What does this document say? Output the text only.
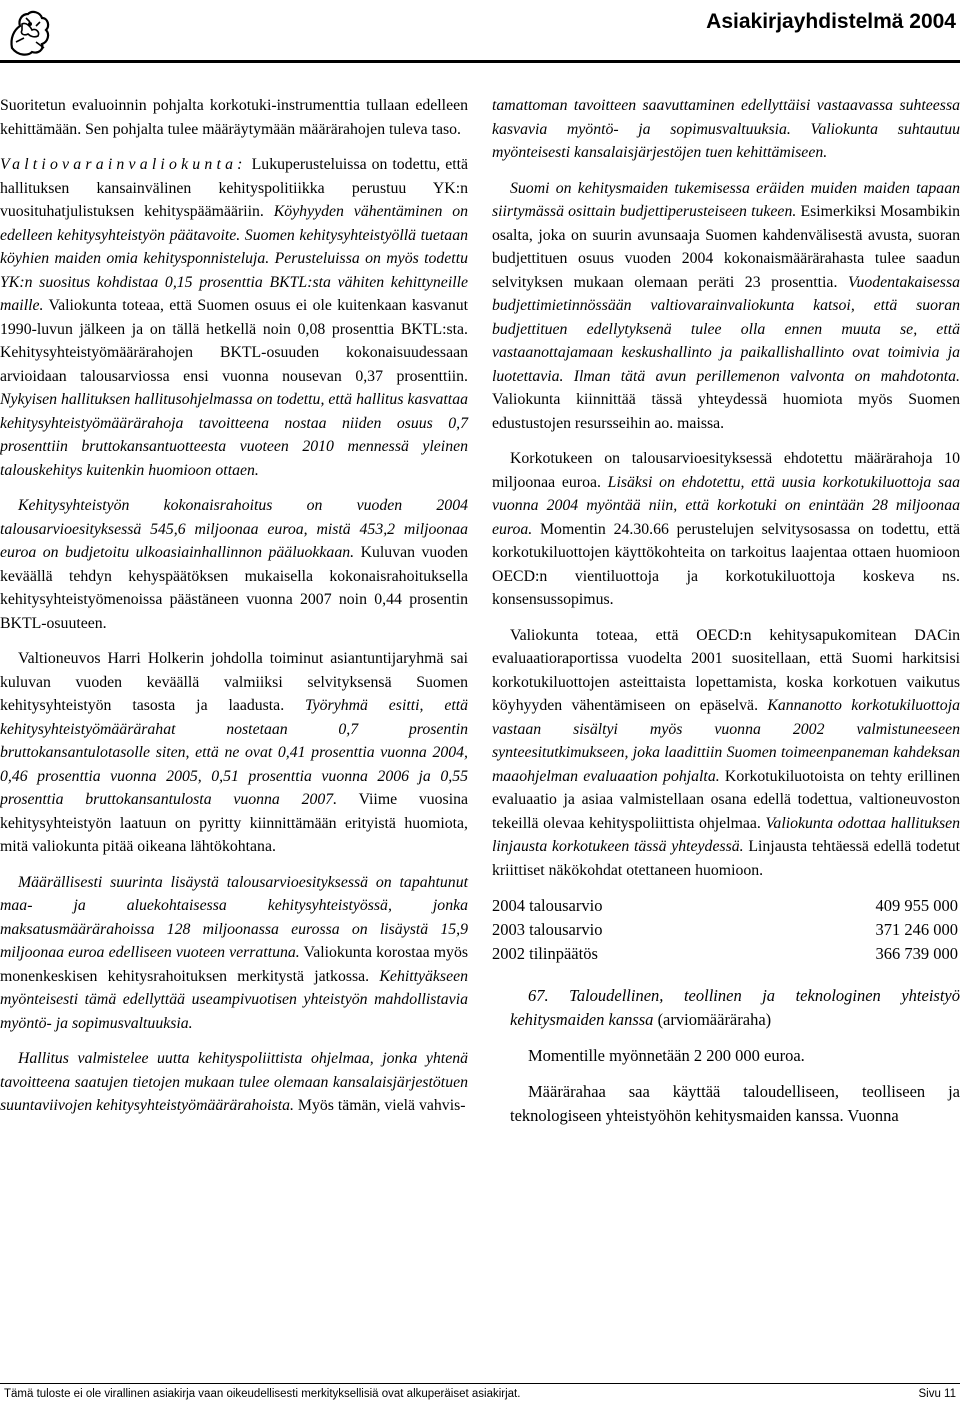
Asiakirjayhdistelmä 2004

Suoritetun evaluoinnin pohjalta korkotuki-instrumenttia tullaan edelleen kehittämään. Sen pohjalta tulee määräytymään määrärahojen tuleva taso.

Valtiovarainvaliokunta: Lukuperusteluissa on todettu, että hallituksen kansainvälinen kehityspolitiikka perustuu YK:n vuosituhatjulistuksen kehityspäämääriin. Köyhyyden vähentäminen on edelleen kehitysyhteistyön päätavoite. Suomen kehitysyhteistyöllä tuetaan köyhien maiden omia kehitysponnisteluja. Perusteluissa on myös todettu YK:n suositus kohdistaa 0,15 prosenttia BKTL:sta vähiten kehittyneille maille. Valiokunta toteaa, että Suomen osuus ei ole kuitenkaan kasvanut 1990-luvun jälkeen ja on tällä hetkellä noin 0,08 prosenttia BKTL:sta. Kehitysyhteistyömäärärahojen BKTL-osuuden kokonaisuudessaan arvioidaan talousarviossa ensi vuonna nousevan 0,37 prosenttiin. Nykyisen hallituksen hallitusohjelmassa on todettu, että hallitus kasvattaa kehitysyhteistyömäärärahoja tavoitteena nostaa niiden osuus 0,7 prosenttiin bruttokansantuotteesta vuoteen 2010 mennessä yleinen talouskehitys kuitenkin huomioon ottaen.

Kehitysyhteistyön kokonaisrahoitus on vuoden 2004 talousarvioesityksessä 545,6 miljoonaa euroa, mistä 453,2 miljoonaa euroa on budjetoitu ulkoasiainhallinnon pääluokkaan. Kuluvan vuoden keväällä tehdyn kehyspäätöksen mukaisella kokonaisrahoituksella kehitysyhteistyömenoissa päästäneen vuonna 2007 noin 0,44 prosentin BKTL-osuuteen.

Valtioneuvos Harri Holkerin johdolla toiminut asiantuntijaryhmä sai kuluvan vuoden keväällä valmiiksi selvityksensä Suomen kehitysyhteistyön tasosta ja laadusta. Työryhmä esitti, että kehitysyhteistyömäärärahat nostetaan 0,7 prosentin bruttokansantulotasolle siten, että ne ovat 0,41 prosenttia vuonna 2004, 0,46 prosenttia vuonna 2005, 0,51 prosenttia vuonna 2006 ja 0,55 prosenttia bruttokansantulosta vuonna 2007. Viime vuosina kehitysyhteistyön laatuun on pyritty kiinnittämään erityistä huomiota, mitä valiokunta pitää oikeana lähtökohtana.

Määrällisesti suurinta lisäystä talousarvioesityksessä on tapahtunut maa- ja aluekohtaisessa kehitysyhteistyössä, jonka maksatusmäärärahoissa 128 miljoonassa eurossa on lisäystä 15,9 miljoonaa euroa edelliseen vuoteen verrattuna. Valiokunta korostaa myös monenkeskisen kehitysrahoituksen merkitystä jatkossa. Kehittyäkseen myönteisesti tämä edellyttää useampivuotisen yhteistyön mahdollistavia myöntö- ja sopimusvaltuuksia.

Hallitus valmistelee uutta kehityspoliittista ohjelmaa, jonka yhtenä tavoitteena saatujen tietojen mukaan tulee olemaan kansalaisjärjestötuen suuntaviivojen kehitysyhteistyömäärärahoista. Myös tämän, vielä vahvis-

tamattoman tavoitteen saavuttaminen edellyttäisi vastaavassa suhteessa kasvavia myöntö- ja sopimusvaltuuksia. Valiokunta suhtautuu myönteisesti kansalaisjärjestöjen tuen kehittämiseen.

Suomi on kehitysmaiden tukemisessa eräiden muiden maiden tapaan siirtymässä osittain budjettiperusteiseen tukeen. Esimerkiksi Mosambikin osalta, joka on suurin avunsaaja Suomen kahdenvälisestä avusta, suoran budjettituen osuus vuoden 2004 kokonaismäärärahasta tulee saadun selvityksen mukaan olemaan peräti 23 prosenttia. Vuodentakaisessa budjettimietinnössään valtiovarainvaliokunta katsoi, että suoran budjettituen edellytyksenä tulee olla ennen muuta se, että vastaanottajamaan keskushallinto ja paikallishallinto ovat toimivia ja luotettavia. Ilman tätä avun perillemenon valvonta on mahdotonta. Valiokunta kiinnittää tässä yhteydessä huomiota myös Suomen edustustojen resursseihin ao. maissa.

Korkotukeen on talousarvioesityksessä ehdotettu määrärahoja 10 miljoonaa euroa. Lisäksi on ehdotettu, että uusia korkotukiluottoja saa vuonna 2004 myöntää niin, että korkotuki on enintään 28 miljoonaa euroa. Momentin 24.30.66 perustelujen selvitysosassa on todettu, että korkotukiluottojen käyttökohteita on tarkoitus laajentaa ottaen huomioon OECD:n vientiluottoja ja korkotukiluottoja koskeva ns. konsensussopimus.

Valiokunta toteaa, että OECD:n kehitysapukomitean DACin evaluaatioraportissa vuodelta 2001 suositellaan, että Suomi harkitsisi korkotukiluottojen asteittaista lopettamista, koska korkotuen vaikutus köyhyyden vähentämiseen on epäselvä. Kannanotto korkotukiluottoja vastaan sisältyi myös vuonna 2002 valmistuneeseen synteesitutkimukseen, joka laadittiin Suomen toimeenpaneman kahdeksan maaohjelman evaluaation pohjalta. Korkotukiluotoista on tehty erillinen evaluaatio ja asiaa valmistellaan osana edellä todettua, valtioneuvoston tekeillä olevaa kehityspoliittista ohjelmaa. Valiokunta odottaa hallituksen linjausta korkotukeen tässä yhteydessä. Linjausta tehtäessä edellä todetut kriittiset näkökohdat otettaneen huomioon.

2004 talousarvio	409 955 000
2003 talousarvio	371 246 000
2002 tilinpäätös	366 739 000

67. Taloudellinen, teollinen ja teknologinen yhteistyö kehitysmaiden kanssa (arviomääräraha)

Momentille myönnetään 2 200 000 euroa.

Määrärahaa saa käyttää taloudelliseen, teolliseen ja teknologiseen yhteistyöhön kehitysmaiden kanssa. Vuonna

Tämä tuloste ei ole virallinen asiakirja vaan oikeudellisesti merkityksellisiä ovat alkuperäiset asiakirjat.	Sivu 11
